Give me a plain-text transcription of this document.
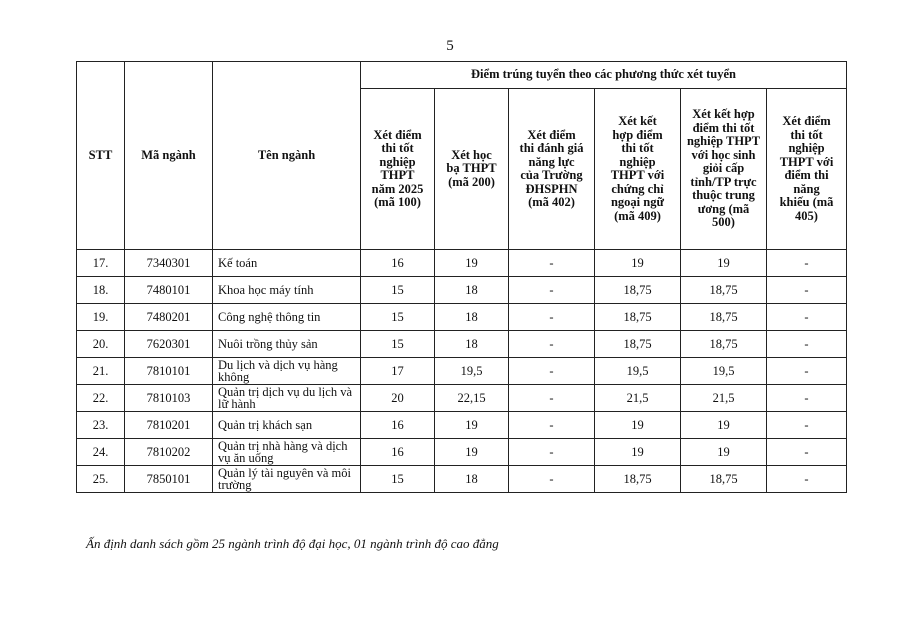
5
STT	Mã ngành	Tên ngành	Điểm trúng tuyển theo các phương thức xét tuyển					
			Xét điểm thi tốt nghiệp THPT năm 2025 (mã 100)	Xét học bạ THPT (mã 200)	Xét điểm thi đánh giá năng lực của Trường ĐHSPHN (mã 402)	Xét kết hợp điểm thi tốt nghiệp THPT với chứng chỉ ngoại ngữ (mã 409)	Xét kết hợp điểm thi tốt nghiệp THPT với học sinh giỏi cấp tỉnh/TP trực thuộc trung ương (mã 500)	Xét điểm thi tốt nghiệp THPT với điểm thi năng khiếu (mã 405)
17.	7340301	Kế toán	16	19	-	19	19	-
18.	7480101	Khoa học máy tính	15	18	-	18,75	18,75	-
19.	7480201	Công nghệ thông tin	15	18	-	18,75	18,75	-
20.	7620301	Nuôi trồng thủy sản	15	18	-	18,75	18,75	-
21.	7810101	Du lịch và dịch vụ hàng không	17	19,5	-	19,5	19,5	-
22.	7810103	Quản trị dịch vụ du lịch và lữ hành	20	22,15	-	21,5	21,5	-
23.	7810201	Quản trị khách sạn	16	19	-	19	19	-
24.	7810202	Quản trị nhà hàng và dịch vụ ăn uống	16	19	-	19	19	-
25.	7850101	Quản lý tài nguyên và môi trường	15	18	-	18,75	18,75	-
Ấn định danh sách gồm 25 ngành trình độ đại học, 01 ngành trình độ cao đẳng
